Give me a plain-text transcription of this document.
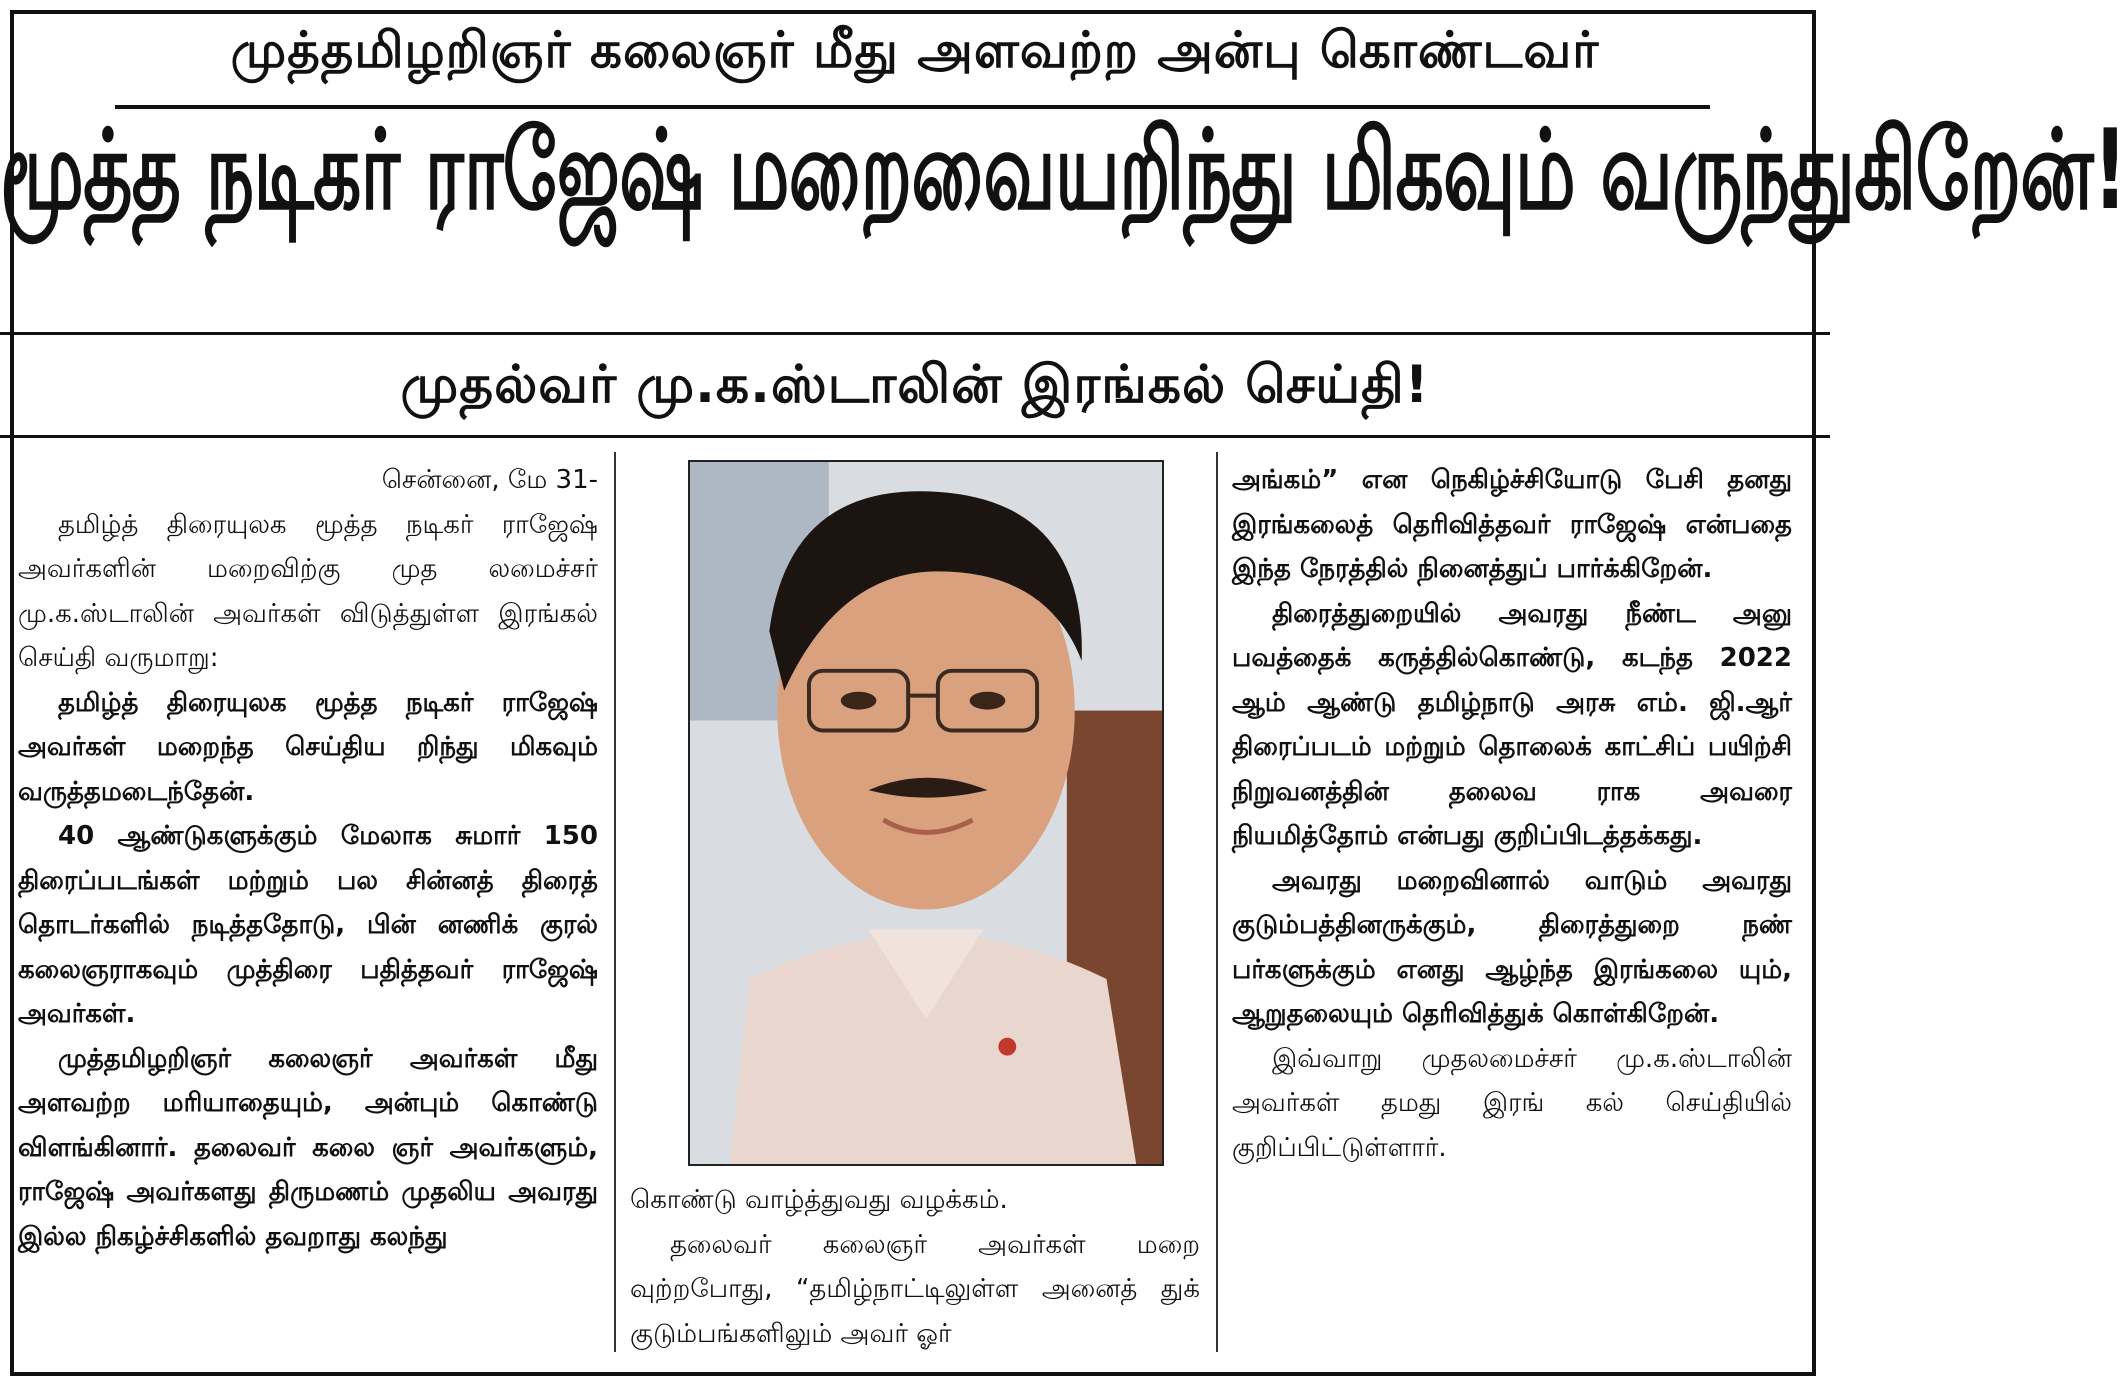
முத்தமிழறிஞர் கலைஞர் மீது அளவற்ற அன்பு கொண்டவர்
மூத்த நடிகர் ராஜேஷ் மறைவையறிந்து மிகவும் வருந்துகிறேன்!
முதல்வர் மு.க.ஸ்டாலின் இரங்கல் செய்தி!

சென்னை, மே 31-

தமிழ்த் திரையுலக மூத்த நடிகர் ராஜேஷ் அவர்களின் மறைவிற்கு முத லமைச்சர் மு.க.ஸ்டாலின் அவர்கள் விடுத்துள்ள இரங்கல் செய்தி வருமாறு:

தமிழ்த் திரையுலக மூத்த நடிகர் ராஜேஷ் அவர்கள் மறைந்த செய்திய றிந்து மிகவும் வருத்தமடைந்தேன்.

40 ஆண்டுகளுக்கும் மேலாக சுமார் 150 திரைப்படங்கள் மற்றும் பல சின்னத் திரைத் தொடர்களில் நடித்ததோடு, பின் னணிக் குரல் கலைஞராகவும் முத்திரை பதித்தவர் ராஜேஷ் அவர்கள்.

முத்தமிழறிஞர் கலைஞர் அவர்கள் மீது அளவற்ற மரியாதையும், அன்பும் கொண்டு விளங்கினார். தலைவர் கலை ஞர் அவர்களும், ராஜேஷ் அவர்களது திருமணம் முதலிய அவரது இல்ல நிகழ்ச்சிகளில் தவறாது கலந்து

கொண்டு வாழ்த்துவது வழக்கம்.

தலைவர் கலைஞர் அவர்கள் மறை வுற்றபோது, “தமிழ்நாட்டிலுள்ள அனைத் துக் குடும்பங்களிலும் அவர் ஓர்

அங்கம்” என நெகிழ்ச்சியோடு பேசி தனது இரங்கலைத் தெரிவித்தவர் ராஜேஷ் என்பதை இந்த நேரத்தில் நினைத்துப் பார்க்கிறேன்.

திரைத்துறையில் அவரது நீண்ட அனு பவத்தைக் கருத்தில்கொண்டு, கடந்த 2022 ஆம் ஆண்டு தமிழ்நாடு அரசு எம். ஜி.ஆர் திரைப்படம் மற்றும் தொலைக் காட்சிப் பயிற்சி நிறுவனத்தின் தலைவ ராக அவரை நியமித்தோம் என்பது குறிப்பிடத்தக்கது.

அவரது மறைவினால் வாடும் அவரது குடும்பத்தினருக்கும், திரைத்துறை நண் பர்களுக்கும் எனது ஆழ்ந்த இரங்கலை யும், ஆறுதலையும் தெரிவித்துக் கொள்கிறேன்.

இவ்வாறு முதலமைச்சர் மு.க.ஸ்டாலின் அவர்கள் தமது இரங் கல் செய்தியில் குறிப்பிட்டுள்ளார்.
